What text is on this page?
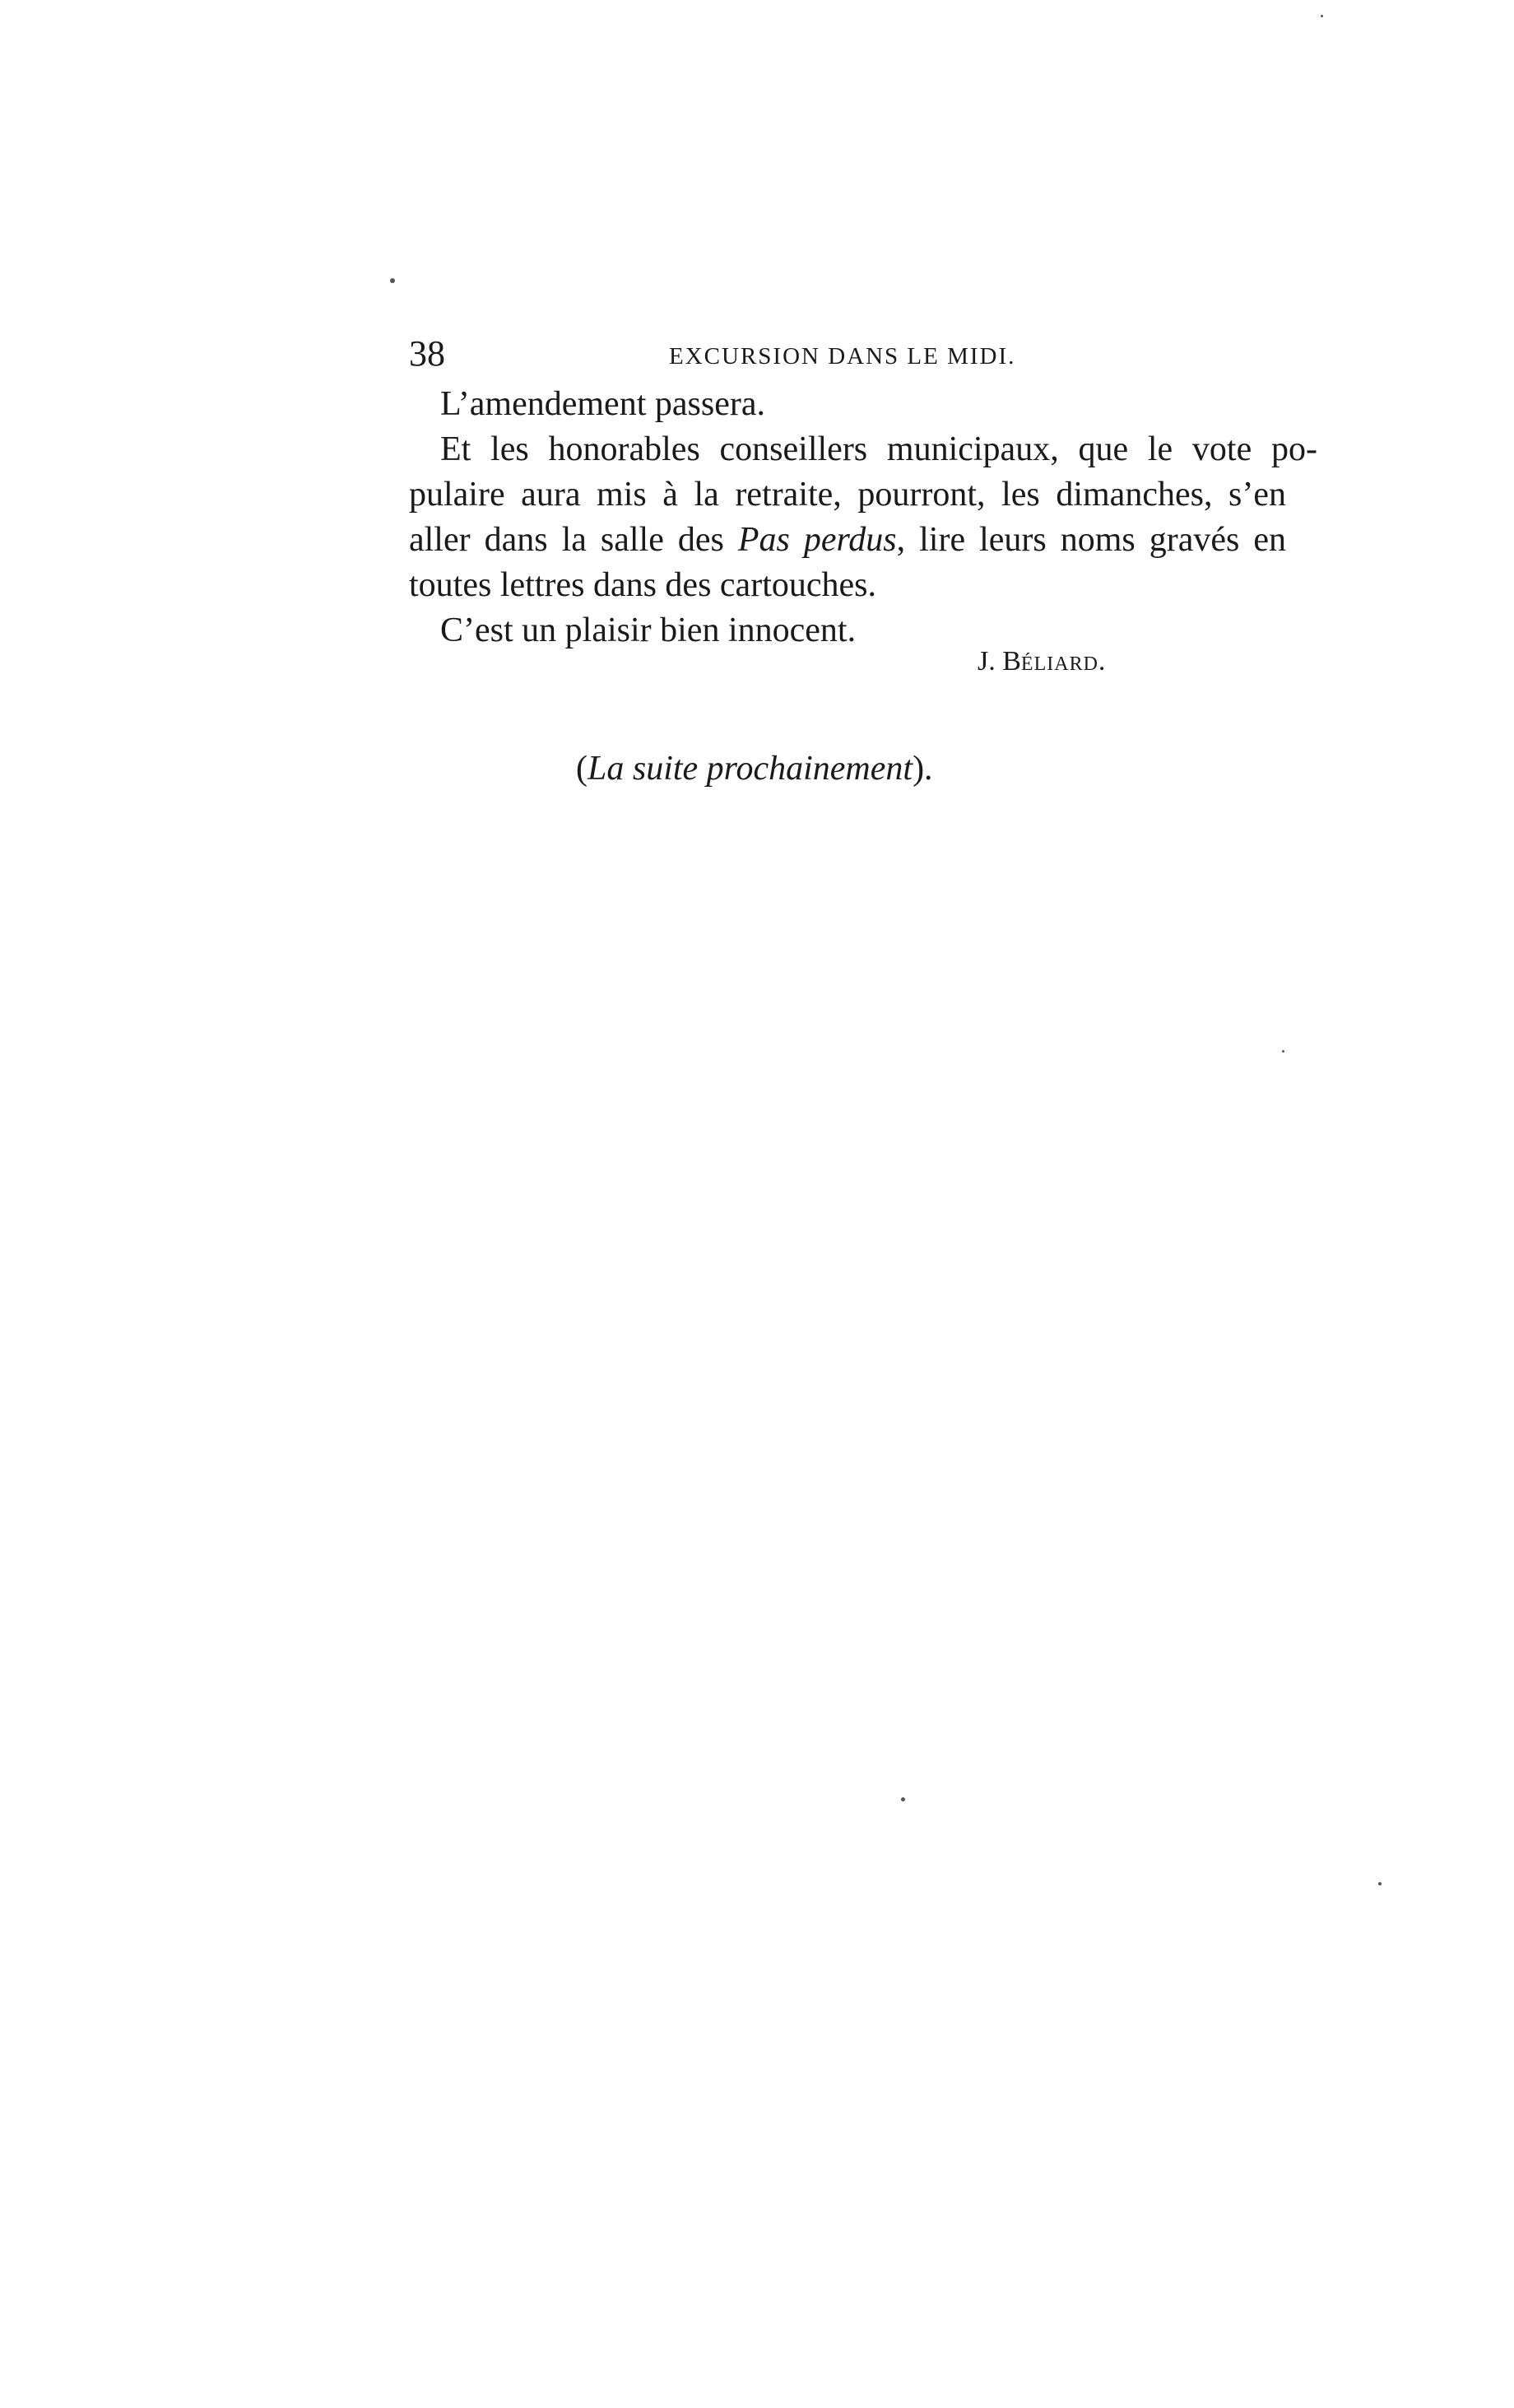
38	EXCURSION DANS LE MIDI.

L’amendement passera.

Et les honorables conseillers municipaux, que le vote po-

pulaire aura mis à la retraite, pourront, les dimanches, s’en

aller dans la salle des Pas perdus, lire leurs noms gravés en

toutes lettres dans des cartouches.

C’est un plaisir bien innocent.

J. Béliard.
(La suite prochainement).
